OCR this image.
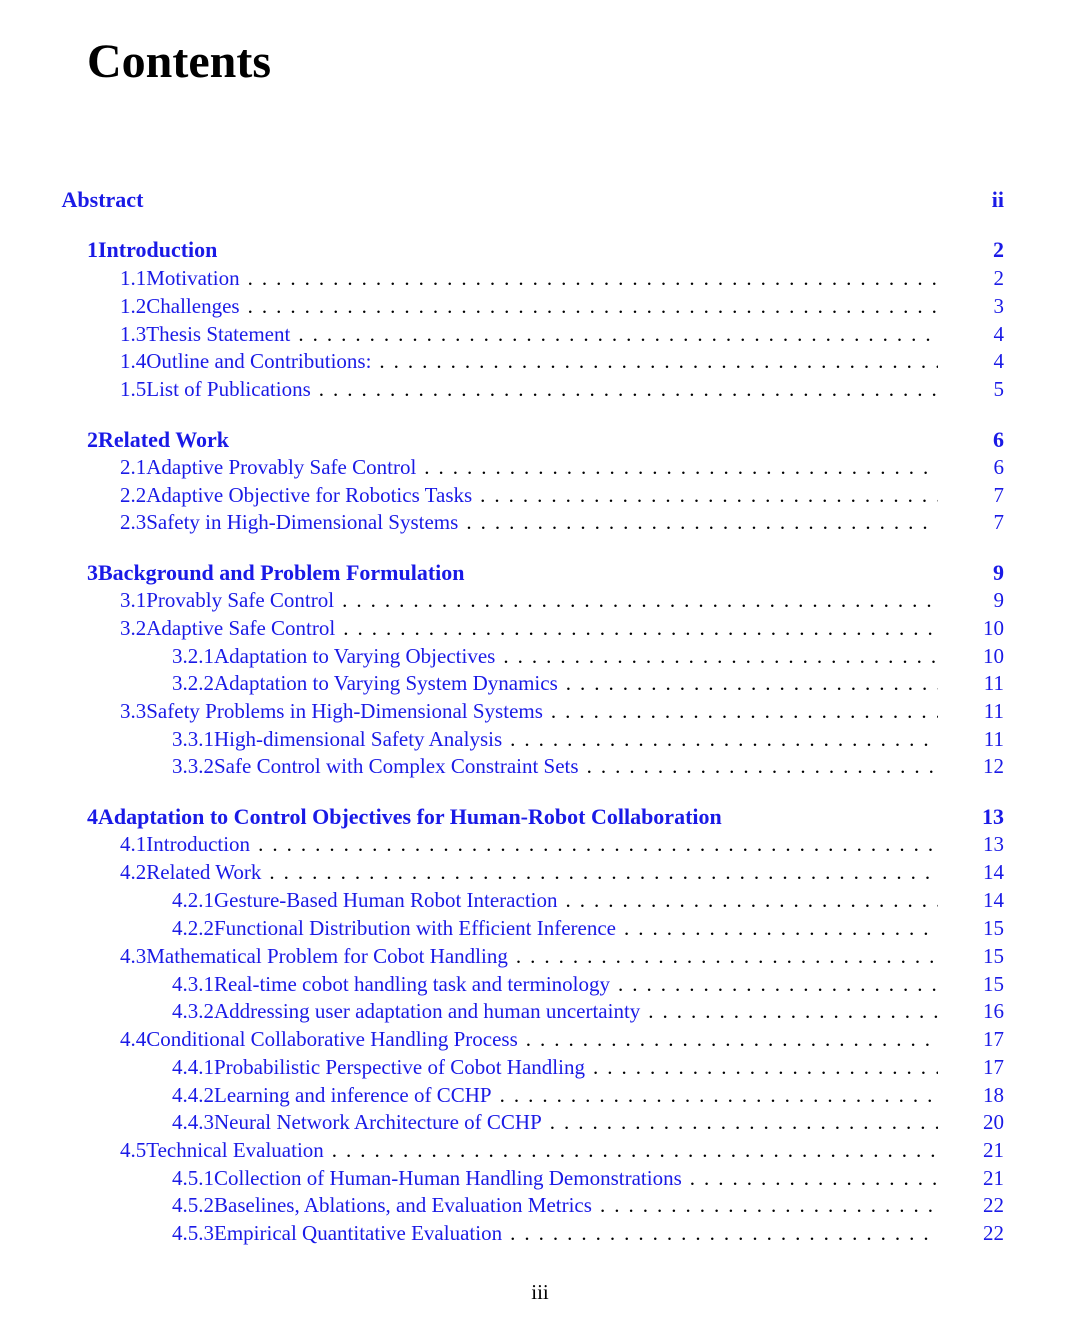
Contents
Abstract	ii
1 Introduction	2
1.1 Motivation .....	2
1.2 Challenges .....	3
1.3 Thesis Statement .....	4
1.4 Outline and Contributions: .....	4
1.5 List of Publications .....	5
2 Related Work	6
2.1 Adaptive Provably Safe Control .....	6
2.2 Adaptive Objective for Robotics Tasks .....	7
2.3 Safety in High-Dimensional Systems .....	7
3 Background and Problem Formulation	9
3.1 Provably Safe Control .....	9
3.2 Adaptive Safe Control .....	10
3.2.1 Adaptation to Varying Objectives .....	10
3.2.2 Adaptation to Varying System Dynamics .....	11
3.3 Safety Problems in High-Dimensional Systems .....	11
3.3.1 High-dimensional Safety Analysis .....	11
3.3.2 Safe Control with Complex Constraint Sets .....	12
4 Adaptation to Control Objectives for Human-Robot Collaboration	13
4.1 Introduction .....	13
4.2 Related Work .....	14
4.2.1 Gesture-Based Human Robot Interaction .....	14
4.2.2 Functional Distribution with Efficient Inference .....	15
4.3 Mathematical Problem for Cobot Handling .....	15
4.3.1 Real-time cobot handling task and terminology .....	15
4.3.2 Addressing user adaptation and human uncertainty .....	16
4.4 Conditional Collaborative Handling Process .....	17
4.4.1 Probabilistic Perspective of Cobot Handling .....	17
4.4.2 Learning and inference of CCHP .....	18
4.4.3 Neural Network Architecture of CCHP .....	20
4.5 Technical Evaluation .....	21
4.5.1 Collection of Human-Human Handling Demonstrations .....	21
4.5.2 Baselines, Ablations, and Evaluation Metrics .....	22
4.5.3 Empirical Quantitative Evaluation .....	22
iii
